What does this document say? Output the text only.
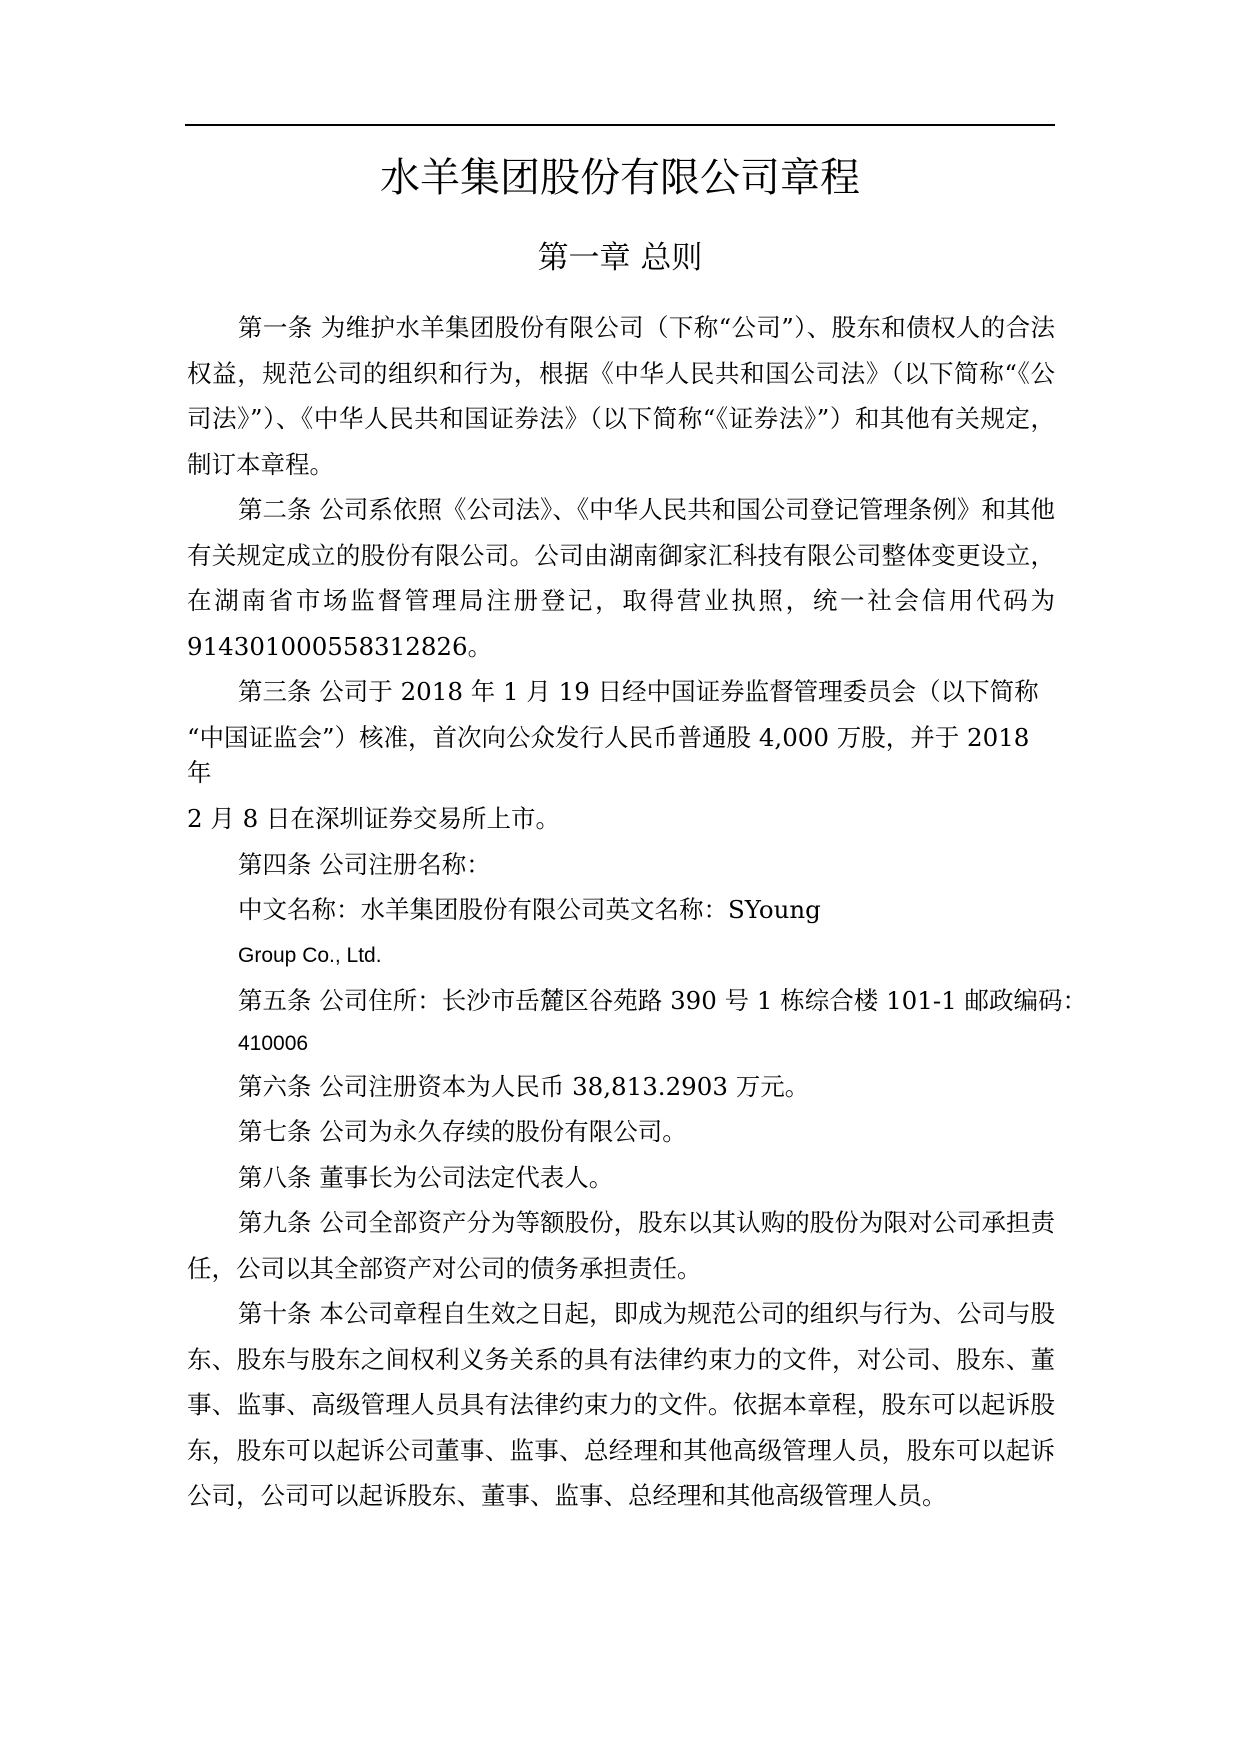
水羊集团股份有限公司章程
第一章 总则

第一条 为维护水羊集团股份有限公司（下称“公司”）、股东和债权人的合法权益，规范公司的组织和行为，根据《中华人民共和国公司法》（以下简称“《公司法》”）、《中华人民共和国证券法》（以下简称“《证券法》”）和其他有关规定，制订本章程。

第二条 公司系依照《公司法》、《中华人民共和国公司登记管理条例》和其他有关规定成立的股份有限公司。公司由湖南御家汇科技有限公司整体变更设立，在湖南省市场监督管理局注册登记，取得营业执照，统一社会信用代码为914301000558312826。

第三条 公司于 2018 年 1 月 19 日经中国证券监督管理委员会（以下简称

“中国证监会”）核准，首次向公众发行人民币普通股 4,000 万股，并于 2018

年

2 月 8 日在深圳证券交易所上市。

第四条 公司注册名称：

中文名称：水羊集团股份有限公司英文名称：SYoung

Group Co., Ltd.

第五条 公司住所：长沙市岳麓区谷苑路 390 号 1 栋综合楼 101-1 邮政编码：

410006

第六条 公司注册资本为人民币 38,813.2903 万元。

第七条 公司为永久存续的股份有限公司。

第八条 董事长为公司法定代表人。

第九条 公司全部资产分为等额股份，股东以其认购的股份为限对公司承担责任，公司以其全部资产对公司的债务承担责任。

第十条 本公司章程自生效之日起，即成为规范公司的组织与行为、公司与股东、股东与股东之间权利义务关系的具有法律约束力的文件，对公司、股东、董事、监事、高级管理人员具有法律约束力的文件。依据本章程，股东可以起诉股东，股东可以起诉公司董事、监事、总经理和其他高级管理人员，股东可以起诉公司，公司可以起诉股东、董事、监事、总经理和其他高级管理人员。
